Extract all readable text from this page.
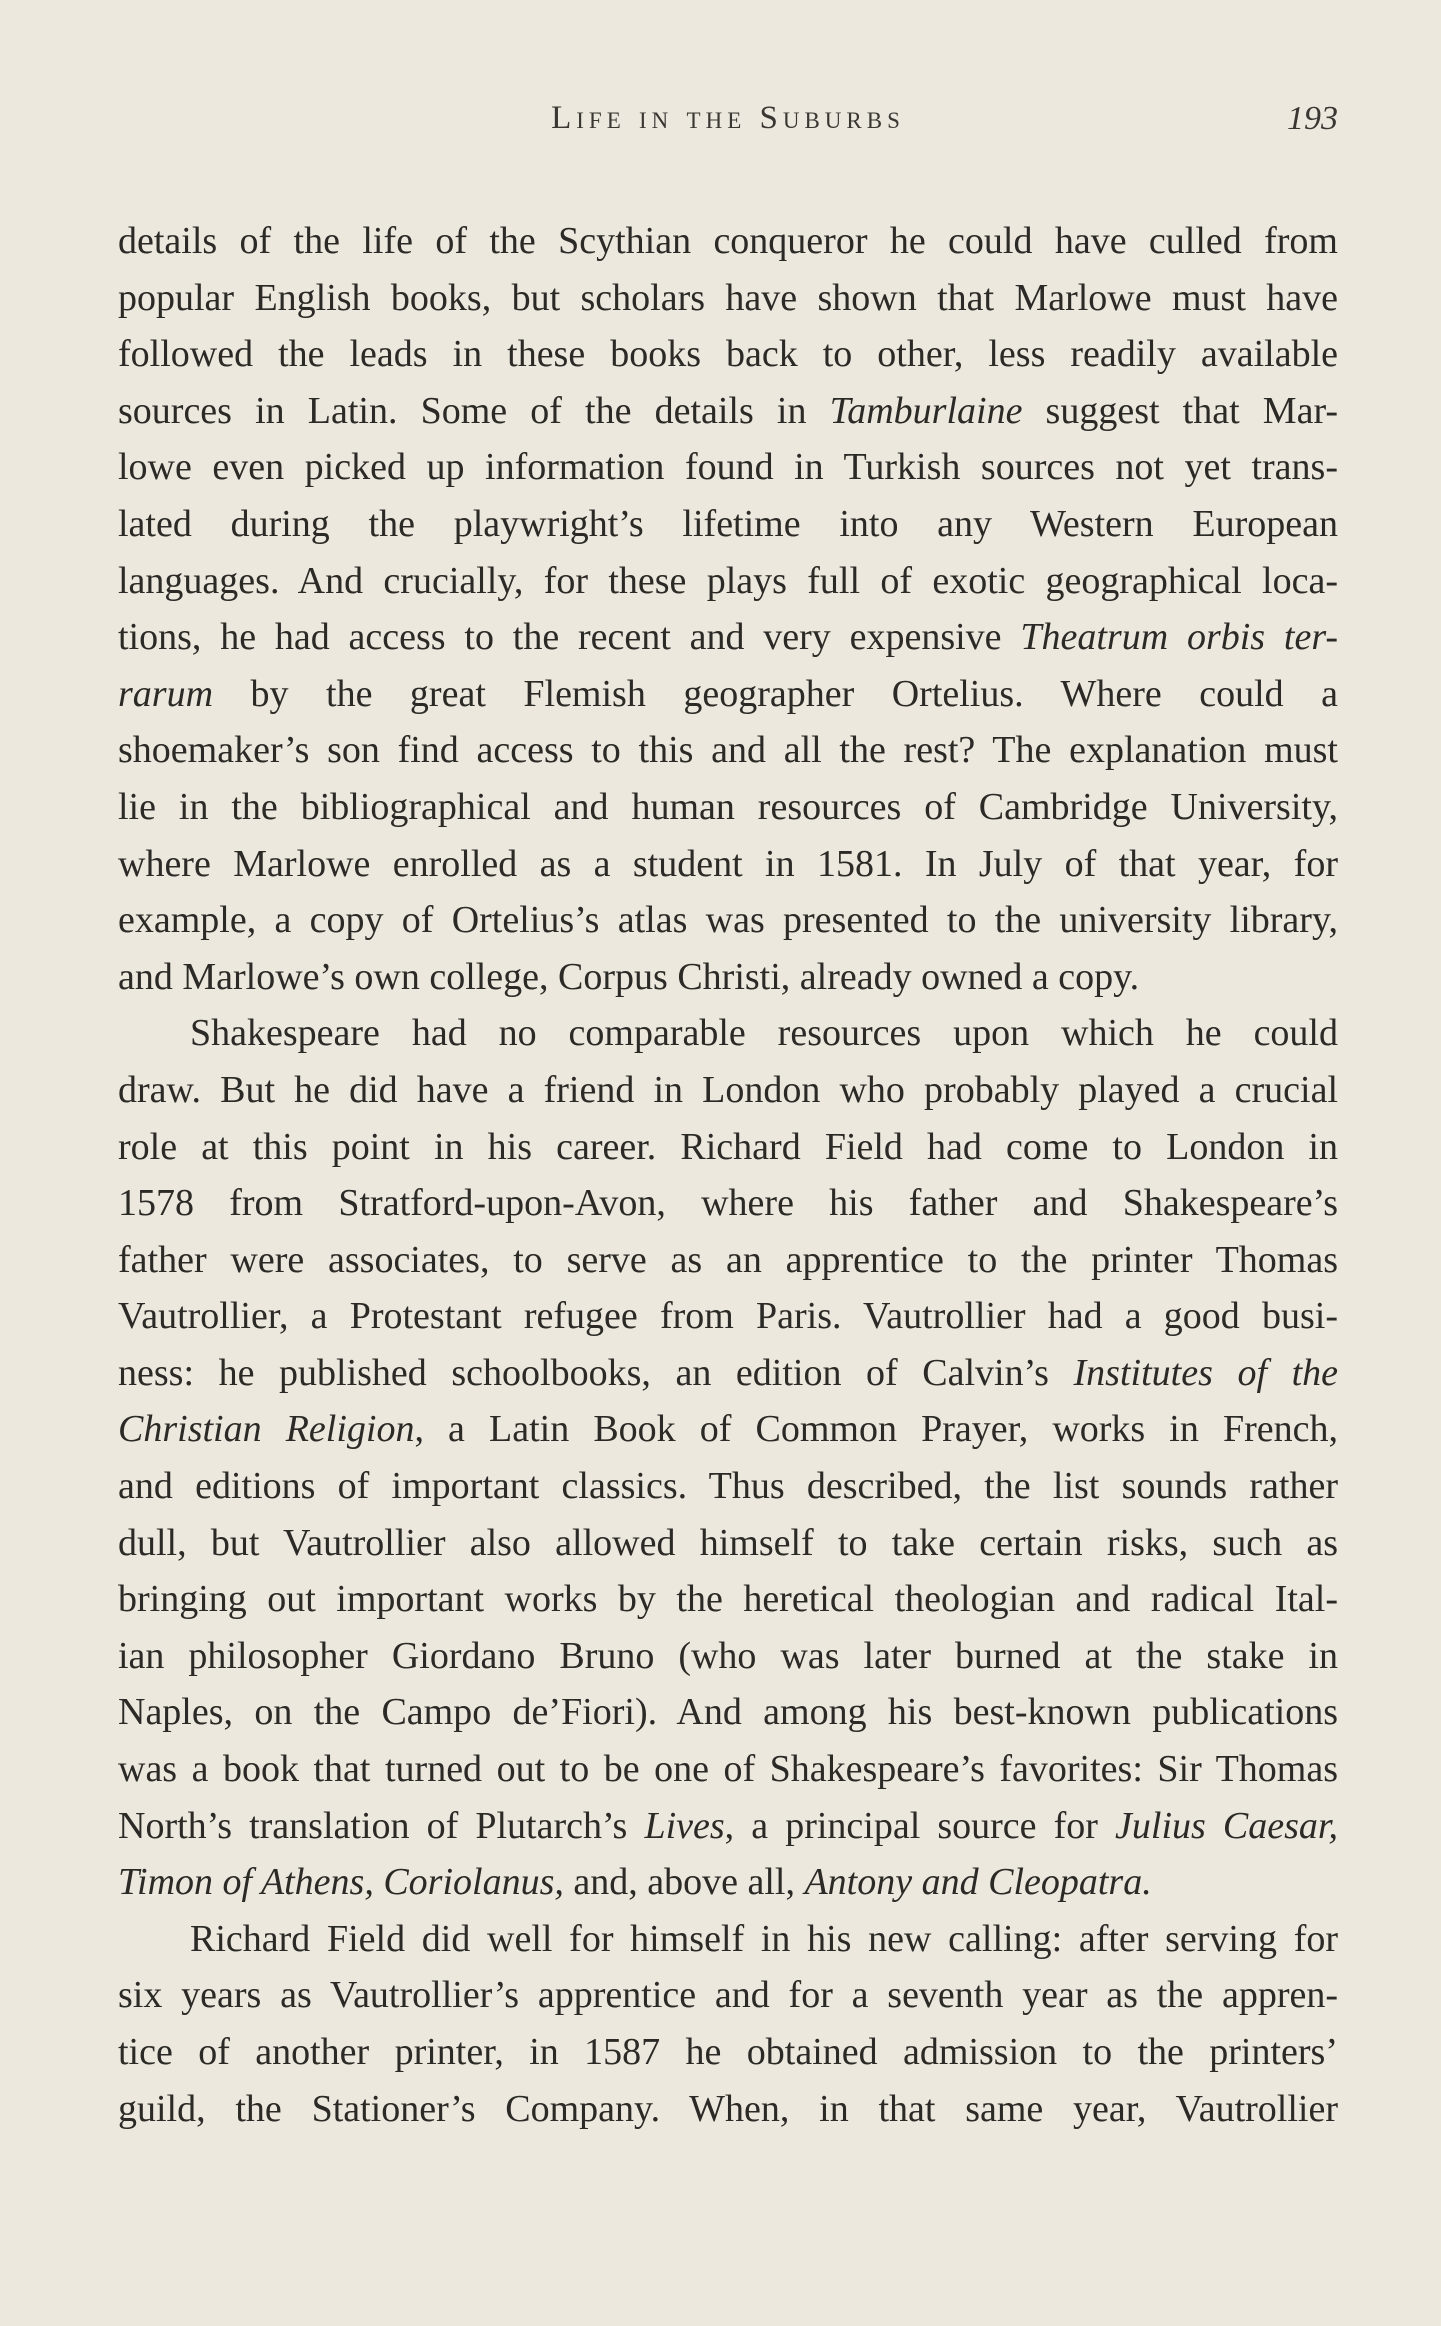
Life in the Suburbs	193
details of the life of the Scythian conqueror he could have culled from
popular English books, but scholars have shown that Marlowe must have
followed the leads in these books back to other, less readily available
sources in Latin. Some of the details in Tamburlaine suggest that Mar-
lowe even picked up information found in Turkish sources not yet trans-
lated during the playwright’s lifetime into any Western European
languages. And crucially, for these plays full of exotic geographical loca-
tions, he had access to the recent and very expensive Theatrum orbis ter-
rarum by the great Flemish geographer Ortelius. Where could a
shoemaker’s son find access to this and all the rest? The explanation must
lie in the bibliographical and human resources of Cambridge University,
where Marlowe enrolled as a student in 1581. In July of that year, for
example, a copy of Ortelius’s atlas was presented to the university library,
and Marlowe’s own college, Corpus Christi, already owned a copy.
Shakespeare had no comparable resources upon which he could
draw. But he did have a friend in London who probably played a crucial
role at this point in his career. Richard Field had come to London in
1578 from Stratford-upon-Avon, where his father and Shakespeare’s
father were associates, to serve as an apprentice to the printer Thomas
Vautrollier, a Protestant refugee from Paris. Vautrollier had a good busi-
ness: he published schoolbooks, an edition of Calvin’s Institutes of the
Christian Religion, a Latin Book of Common Prayer, works in French,
and editions of important classics. Thus described, the list sounds rather
dull, but Vautrollier also allowed himself to take certain risks, such as
bringing out important works by the heretical theologian and radical Ital-
ian philosopher Giordano Bruno (who was later burned at the stake in
Naples, on the Campo de’Fiori). And among his best-known publications
was a book that turned out to be one of Shakespeare’s favorites: Sir Thomas
North’s translation of Plutarch’s Lives, a principal source for Julius Caesar,
Timon of Athens, Coriolanus, and, above all, Antony and Cleopatra.
Richard Field did well for himself in his new calling: after serving for
six years as Vautrollier’s apprentice and for a seventh year as the appren-
tice of another printer, in 1587 he obtained admission to the printers’
guild, the Stationer’s Company. When, in that same year, Vautrollier
